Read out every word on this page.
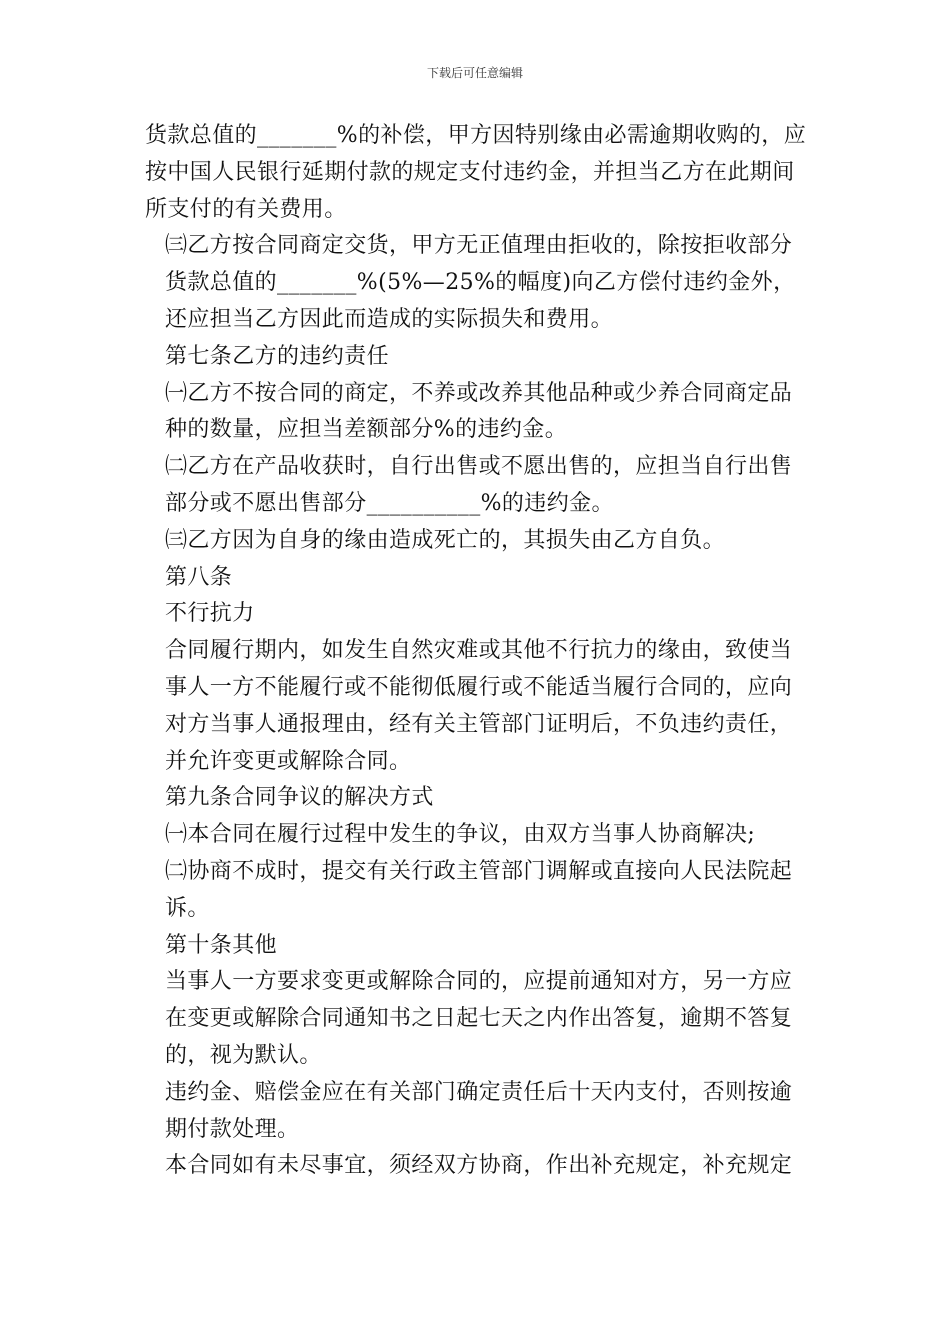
下载后可任意编辑

货款总值的_______%的补偿，甲方因特别缘由必需逾期收购的，应按中国人民银行延期付款的规定支付违约金，并担当乙方在此期间所支付的有关费用。

㈢乙方按合同商定交货，甲方无正值理由拒收的，除按拒收部分货款总值的_______%(5%—25%的幅度)向乙方偿付违约金外，还应担当乙方因此而造成的实际损失和费用。

第七条乙方的违约责任

㈠乙方不按合同的商定，不养或改养其他品种或少养合同商定品种的数量，应担当差额部分%的违约金。

㈡乙方在产品收获时，自行出售或不愿出售的，应担当自行出售部分或不愿出售部分__________%的违约金。

㈢乙方因为自身的缘由造成死亡的，其损失由乙方自负。

第八条

不行抗力

合同履行期内，如发生自然灾难或其他不行抗力的缘由，致使当事人一方不能履行或不能彻低履行或不能适当履行合同的，应向对方当事人通报理由，经有关主管部门证明后，不负违约责任，并允许变更或解除合同。

第九条合同争议的解决方式

㈠本合同在履行过程中发生的争议，由双方当事人协商解决;

㈡协商不成时，提交有关行政主管部门调解或直接向人民法院起诉。

第十条其他

当事人一方要求变更或解除合同的，应提前通知对方，另一方应在变更或解除合同通知书之日起七天之内作出答复，逾期不答复的，视为默认。

违约金、赔偿金应在有关部门确定责任后十天内支付，否则按逾期付款处理。

本合同如有未尽事宜，须经双方协商，作出补充规定，补充规定
